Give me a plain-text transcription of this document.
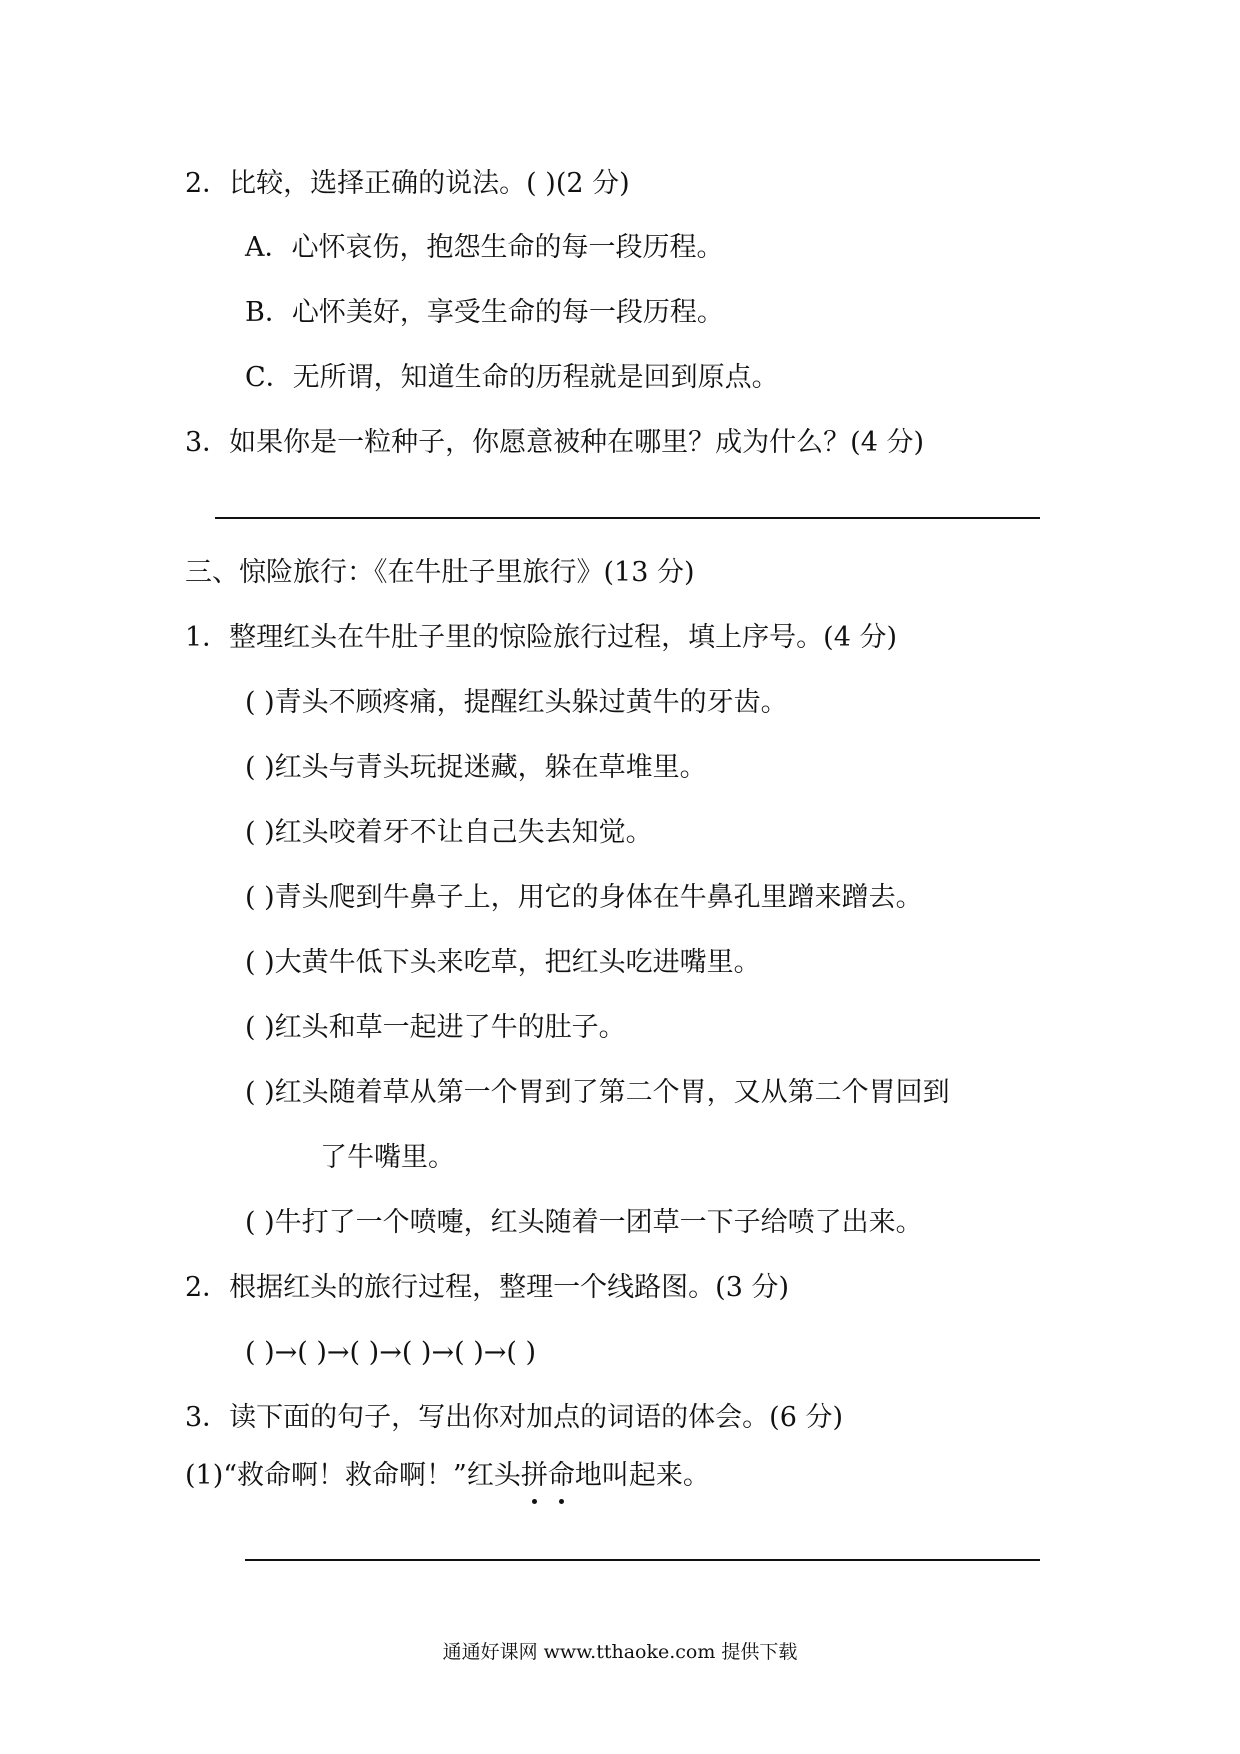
2．比较，选择正确的说法。( )(2 分)
A．心怀哀伤，抱怨生命的每一段历程。
B．心怀美好，享受生命的每一段历程。
C．无所谓，知道生命的历程就是回到原点。
3．如果你是一粒种子，你愿意被种在哪里？成为什么？(4 分)
三、惊险旅行：《在牛肚子里旅行》(13 分)
1．整理红头在牛肚子里的惊险旅行过程，填上序号。(4 分)
( )青头不顾疼痛，提醒红头躲过黄牛的牙齿。
( )红头与青头玩捉迷藏，躲在草堆里。
( )红头咬着牙不让自己失去知觉。
( )青头爬到牛鼻子上，用它的身体在牛鼻孔里蹭来蹭去。
( )大黄牛低下头来吃草，把红头吃进嘴里。
( )红头和草一起进了牛的肚子。
( )红头随着草从第一个胃到了第二个胃，又从第二个胃回到
了牛嘴里。
( )牛打了一个喷嚏，红头随着一团草一下子给喷了出来。
2．根据红头的旅行过程，整理一个线路图。(3 分)
( )→( )→( )→( )→( )→( )
3．读下面的句子，写出你对加点的词语的体会。(6 分)
(1)“救命啊！救命啊！”红头拼命地叫起来。
通通好课网 www.tthaoke.com 提供下载
